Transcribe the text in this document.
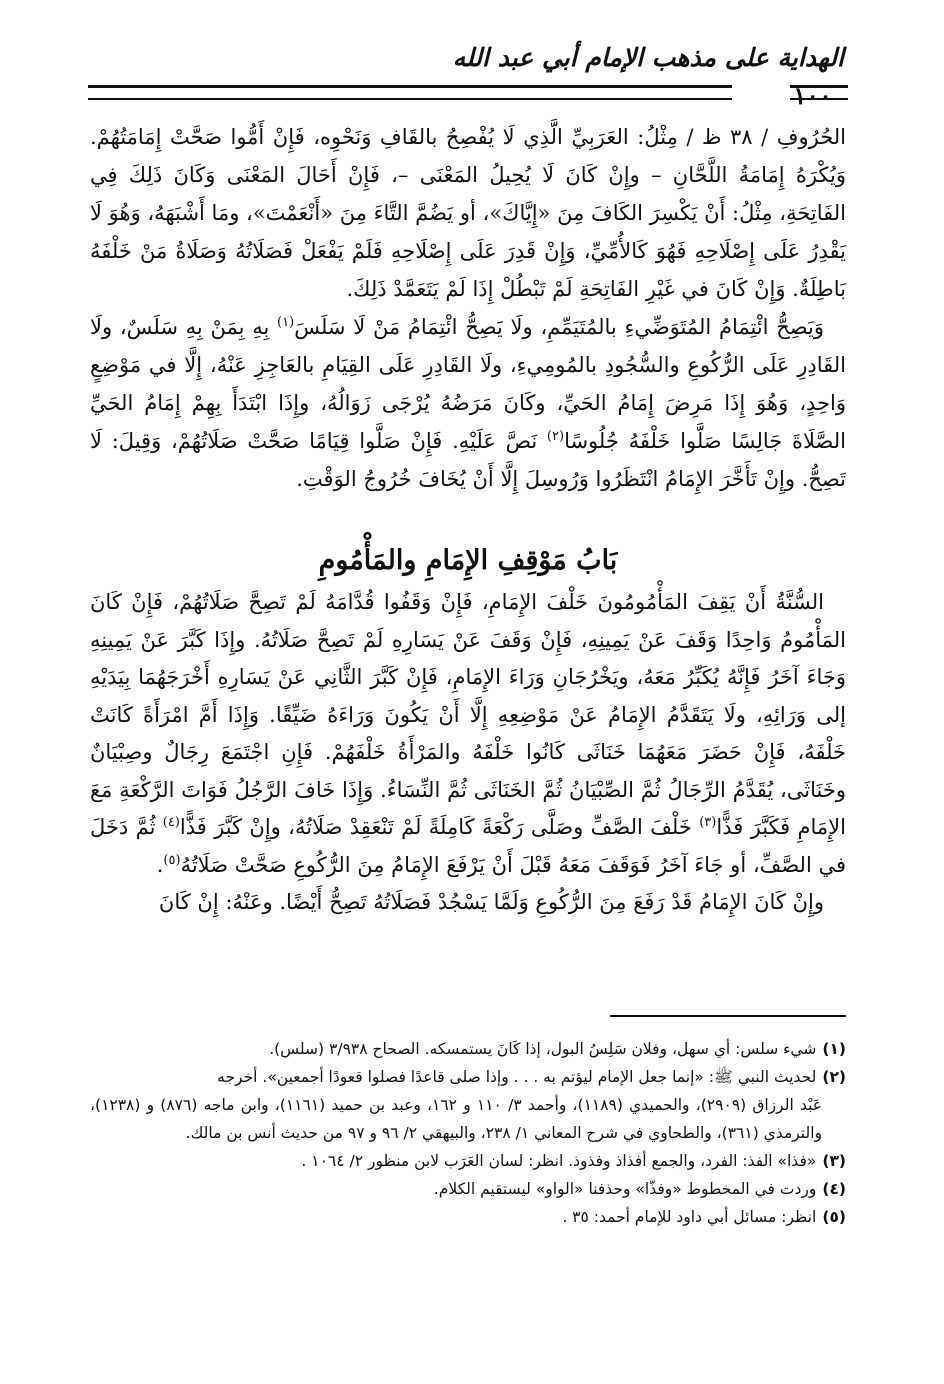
الهداية على مذهب الإمام أبي عبد الله
١٠٠

الحُرُوفِ / ٣٨ ظ / مِثْلُ: العَرَبِيِّ الَّذِي لَا يُفْصِحُ بالقَافِ وَنَحْوِه، فَإِنْ أَمُّوا صَحَّتْ إِمَامَتُهُمْ. وَيُكْرَهُ إِمَامَةُ اللَّحَّانِ – وإِنْ كَانَ لَا يُحِيلُ المَعْنَى –، فَإِنْ أَحَالَ المَعْنَى وَكَانَ ذَلِكَ فِي الفَاتِحَةِ، مِثْلُ: أَنْ يَكْسِرَ الكَافَ مِنَ «إِيَّاكَ»، أو يَضُمَّ التَّاءَ مِنَ «أَنْعَمْتَ»، ومَا أَشْبَهَهُ، وَهُوَ لَا يَقْدِرُ عَلَى إِصْلَاحِهِ فَهُوَ كَالأُمِّيِّ، وَإِنْ قَدِرَ عَلَى إِصْلَاحِهِ فَلَمْ يَفْعَلْ فَصَلَاتُهُ وَصَلَاةُ مَنْ خَلْفَهُ بَاطِلَةٌ. وَإِنْ كَانَ في غَيْرِ الفَاتِحَةِ لَمْ تَبْطُلْ إِذَا لَمْ يَتَعَمَّدْ ذَلِكَ.

وَيَصِحُّ ائْتِمَامُ المُتَوَضِّيءِ بالمُتَيَمِّمِ، ولَا يَصِحُّ ائْتِمَامُ مَنْ لَا سَلَسَ$^{(١)}$ بِهِ بِمَنْ بِهِ سَلَسٌ، ولَا القَادِرِ عَلَى الرُّكُوعِ والسُّجُودِ بالمُومِيءِ، ولَا القَادِرِ عَلَى القِيَامِ بالعَاجِزِ عَنْهُ، إِلَّا في مَوْضِعٍ وَاحِدٍ، وَهُوَ إِذَا مَرِضَ إِمَامُ الحَيِّ، وكَانَ مَرَضُهُ يُرْجَى زَوَالُهُ، وإِذَا ابْتَدَأَ بِهِمْ إِمَامُ الحَيِّ الصَّلَاةَ جَالِسًا صَلَّوا خَلْفَهُ جُلُوسًا$^{(٢)}$ نَصَّ عَلَيْهِ. فَإِنْ صَلَّوا قِيَامًا صَحَّتْ صَلَاتُهُمْ، وَقِيلَ: لَا تَصِحُّ. وإِنْ تَأَخَّرَ الإِمَامُ انْتَظَرُوا وَرُوسِلَ إِلَّا أَنْ يُخَافَ خُرُوجُ الوَقْتِ.

بَابُ مَوْقِفِ الإِمَامِ والمَأْمُومِ

السُّنَّةُ أَنْ يَقِفَ المَأْمُومُونَ خَلْفَ الإِمَامِ، فَإِنْ وَقَفُوا قُدَّامَهُ لَمْ تَصِحَّ صَلَاتُهُمْ، فَإِنْ كَانَ المَأْمُومُ وَاحِدًا وَقَفَ عَنْ يَمِينِهِ، فَإِنْ وَقَفَ عَنْ يَسَارِهِ لَمْ تَصِحَّ صَلَاتُهُ. وإِذَا كَبَّرَ عَنْ يَمِينِهِ وَجَاءَ آخَرُ فَإِنَّهُ يُكَبِّرُ مَعَهُ، ويَخْرُجَانِ وَرَاءَ الإِمَامِ، فَإِنْ كَبَّرَ الثَّانِي عَنْ يَسَارِهِ أَخْرَجَهُمَا بِيَدَيْهِ إلى وَرَائِهِ، ولَا يَتَقَدَّمُ الإِمَامُ عَنْ مَوْضِعِهِ إِلَّا أَنْ يَكُونَ وَرَاءَهُ ضَيِّقًا. وَإِذَا أَمَّ امْرَأَةً كَانَتْ خَلْفَهُ، فَإِنْ حَضَرَ مَعَهُمَا خَنَاثَى كَانُوا خَلْفَهُ والمَرْأَةُ خَلْفَهُمْ. فَإِنِ اجْتَمَعَ رِجَالٌ وصِبْيَانٌ وخَنَاثَى، يُقَدَّمُ الرِّجَالُ ثُمَّ الصِّبْيَانُ ثُمَّ الخَنَاثَى ثُمَّ النِّسَاءُ. وَإِذَا خَافَ الرَّجُلُ فَوَاتَ الرَّكْعَةِ مَعَ الإِمَامِ فَكَبَّرَ فَذًّا$^{(٣)}$ خَلْفَ الصَّفِّ وصَلَّى رَكْعَةً كَامِلَةً لَمْ تَنْعَقِدْ صَلَاتُهُ، وإِنْ كَبَّرَ فَذًّا$^{(٤)}$ ثُمَّ دَخَلَ في الصَّفِّ، أو جَاءَ آخَرُ فَوَقَفَ مَعَهُ قَبْلَ أَنْ يَرْفَعَ الإِمَامُ مِنَ الرُّكُوعِ صَحَّتْ صَلَاتُهُ$^{(٥)}$.

وإِنْ كَانَ الإِمَامُ قَدْ رَفَعَ مِنَ الرُّكُوعِ وَلَمَّا يَسْجُدْ فَصَلَاتُهُ تَصِحُّ أَيْضًا. وعَنْهُ: إِنْ كَانَ

(١)شيء سلس: أي سهل، وفلان سَلِسُ البول، إذا كَانَ يستمسكه. الصحاح ٣/٩٣٨ (سلس).

(٢)لحديث النبي ﷺ: «إنما جعل الإمام ليؤتم به . . . وإذا صلى قاعدًا فصلوا قعودًا أجمعين». أخرجه

عَبْد الرزاق (٢٩٠٩)، والحميدي (١١٨٩)، وأحمد ٣/ ١١٠ و ١٦٢، وعبد بن حميد (١١٦١)، وابن ماجه (٨٧٦) و (١٢٣٨)، والترمذي (٣٦١)، والطحاوي في شرح المعاني ١/ ٢٣٨، والبيهقي ٢/ ٩٦ و ٩٧ من حديث أنس بن مالك.

(٣)«فذا» الفذ: الفرد، والجمع أفذاذ وفذوذ. انظر: لسان العَرَب لابن منظور ٢/ ١٠٦٤ .

(٤)وردت في المخطوط «وفذّا» وحذفنا «الواو» ليستقيم الكلام.

(٥)انظر: مسائل أبي داود للإمام أحمد: ٣٥ .
